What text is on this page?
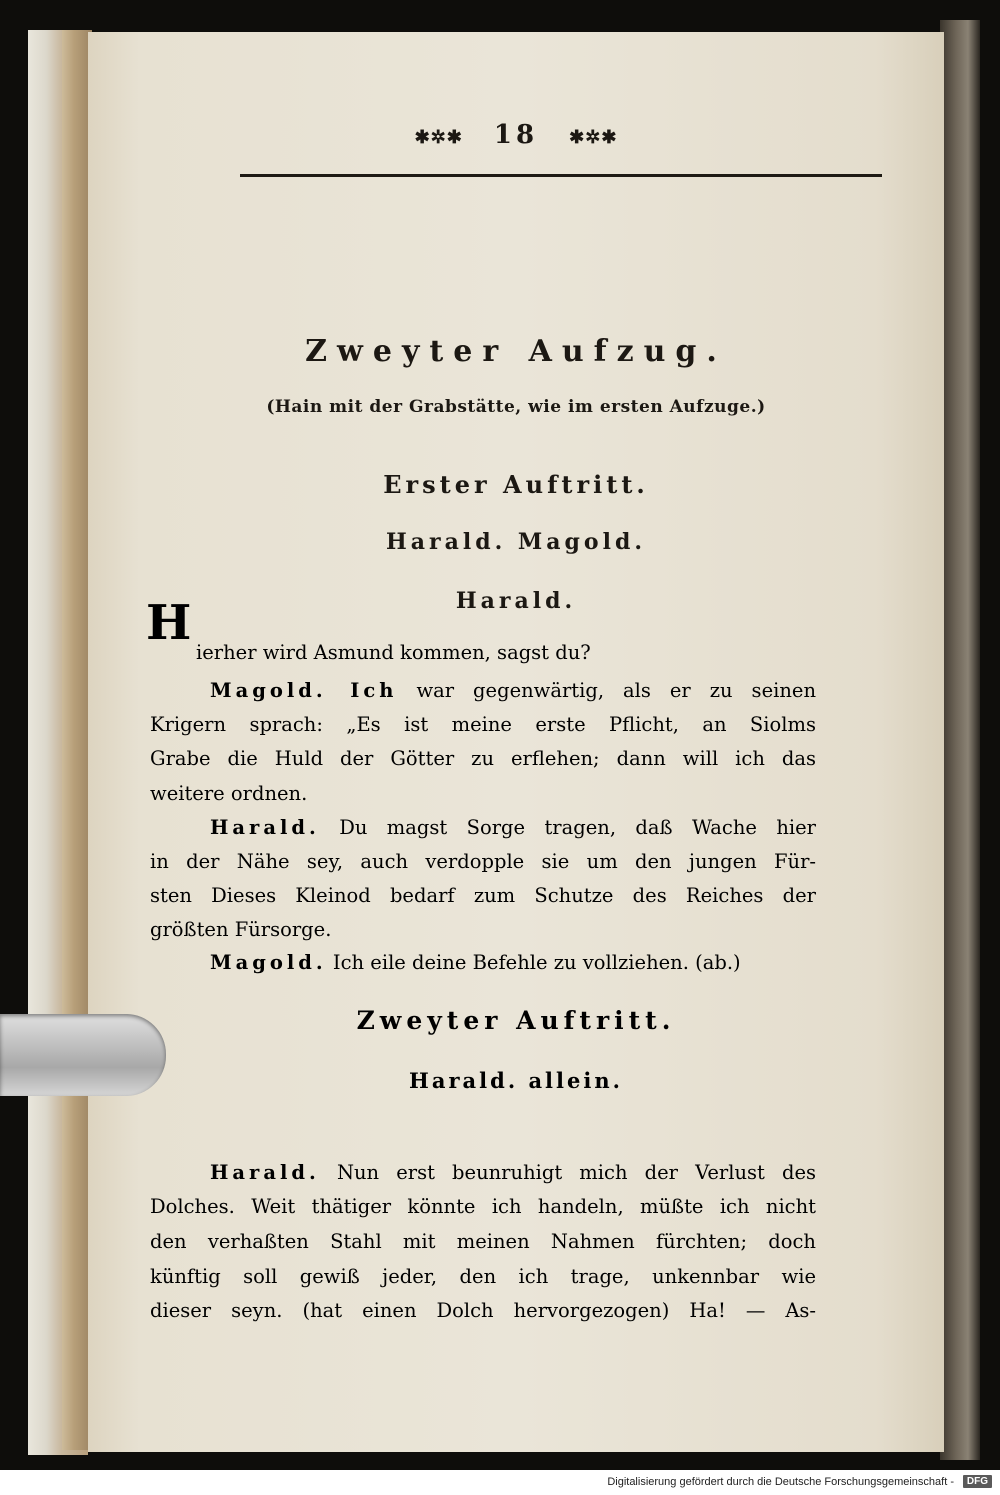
✱✲✱ 18 ✱✲✱
Zweyter Aufzug.
(Hain mit der Grabstätte, wie im ersten Aufzuge.)
Erster Auftritt.
Harald. Magold.
Harald.
H
ierher wird Asmund kommen, sagst du?
Magold. Ich war gegenwärtig, als er zu seinen
Krigern sprach: „Es ist meine erste Pflicht, an Siolms
Grabe die Huld der Götter zu erflehen; dann will ich das
weitere ordnen.
Harald. Du magst Sorge tragen, daß Wache hier
in der Nähe sey, auch verdopple sie um den jungen Für-
sten Dieses Kleinod bedarf zum Schutze des Reiches der
größten Fürsorge.
Magold. Ich eile deine Befehle zu vollziehen. (ab.)
Zweyter Auftritt.
Harald. allein.
Harald. Nun erst beunruhigt mich der Verlust des
Dolches. Weit thätiger könnte ich handeln, müßte ich nicht
den verhaßten Stahl mit meinen Nahmen fürchten; doch
künftig soll gewiß jeder, den ich trage, unkennbar wie
dieser seyn. (hat einen Dolch hervorgezogen) Ha! — As-
Digitalisierung gefördert durch die Deutsche Forschungsgemeinschaft -	DFG
